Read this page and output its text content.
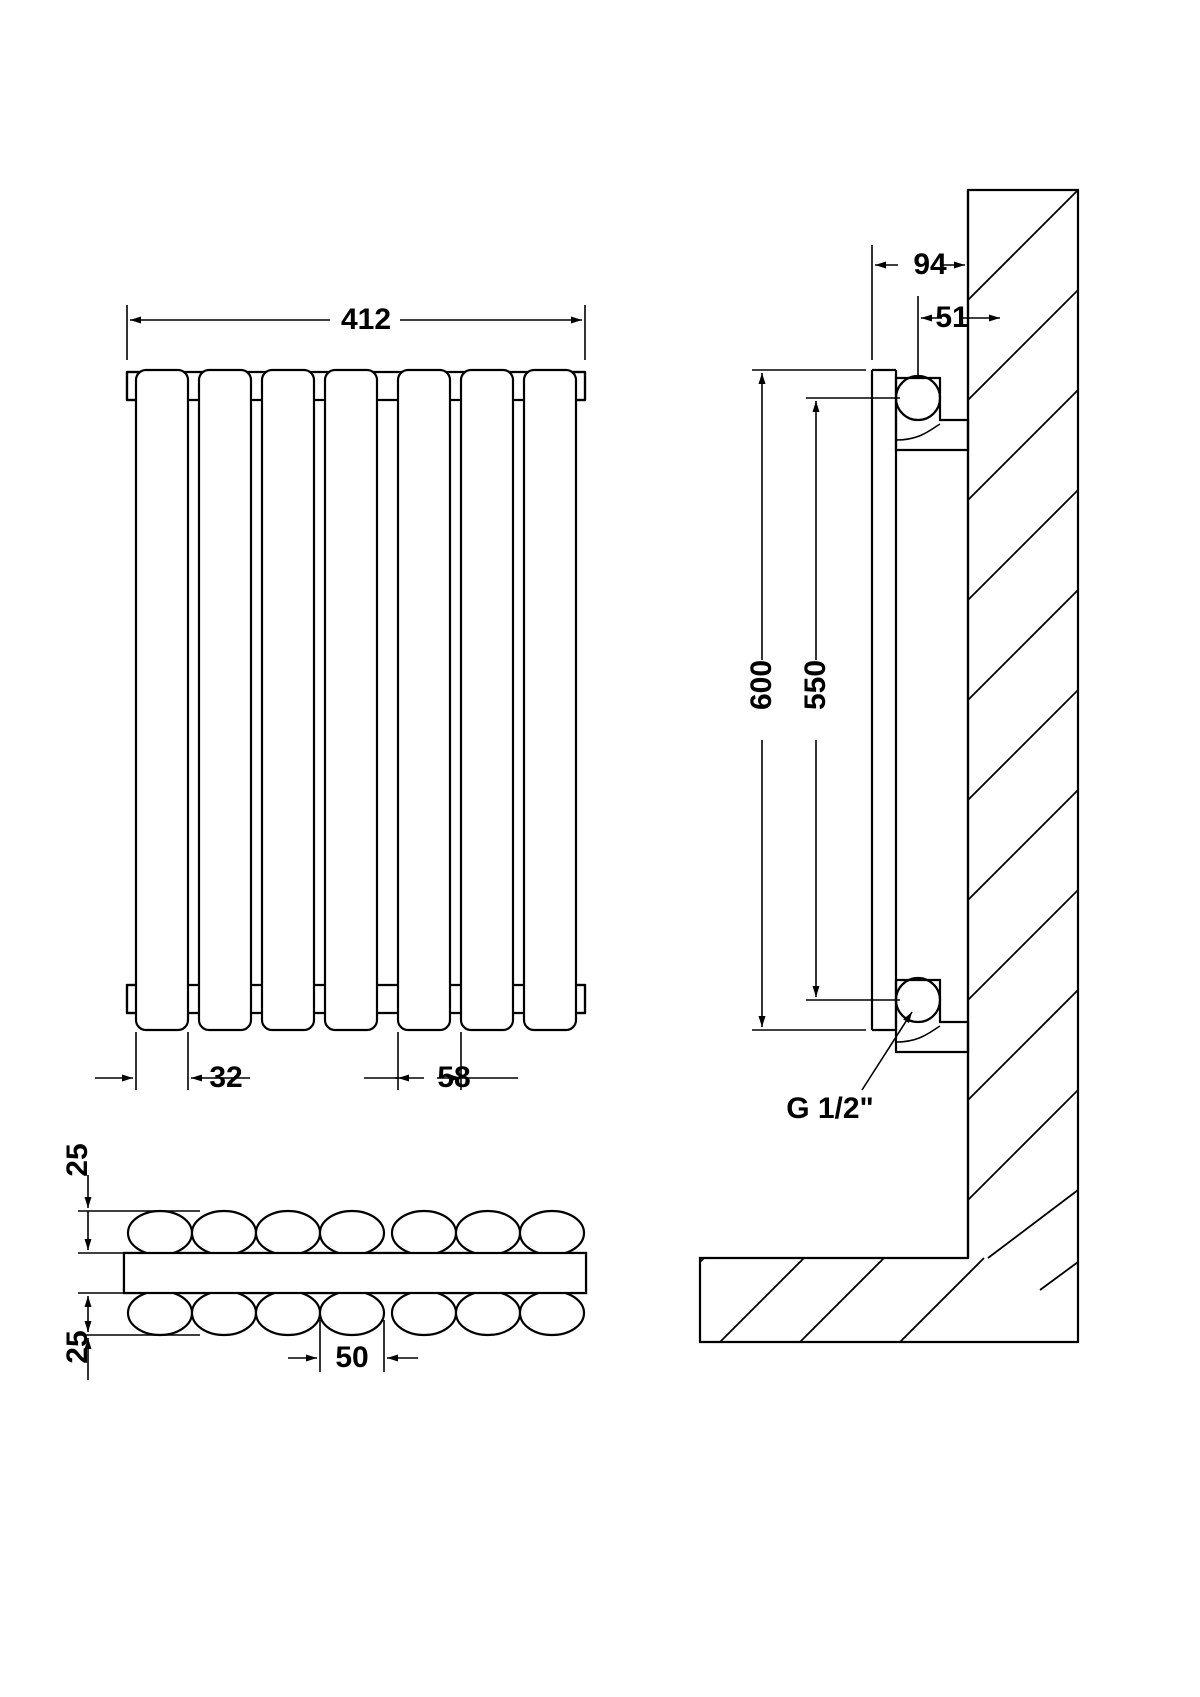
412
32	58
25
25	50
94
51
600 550
G 1/2"
